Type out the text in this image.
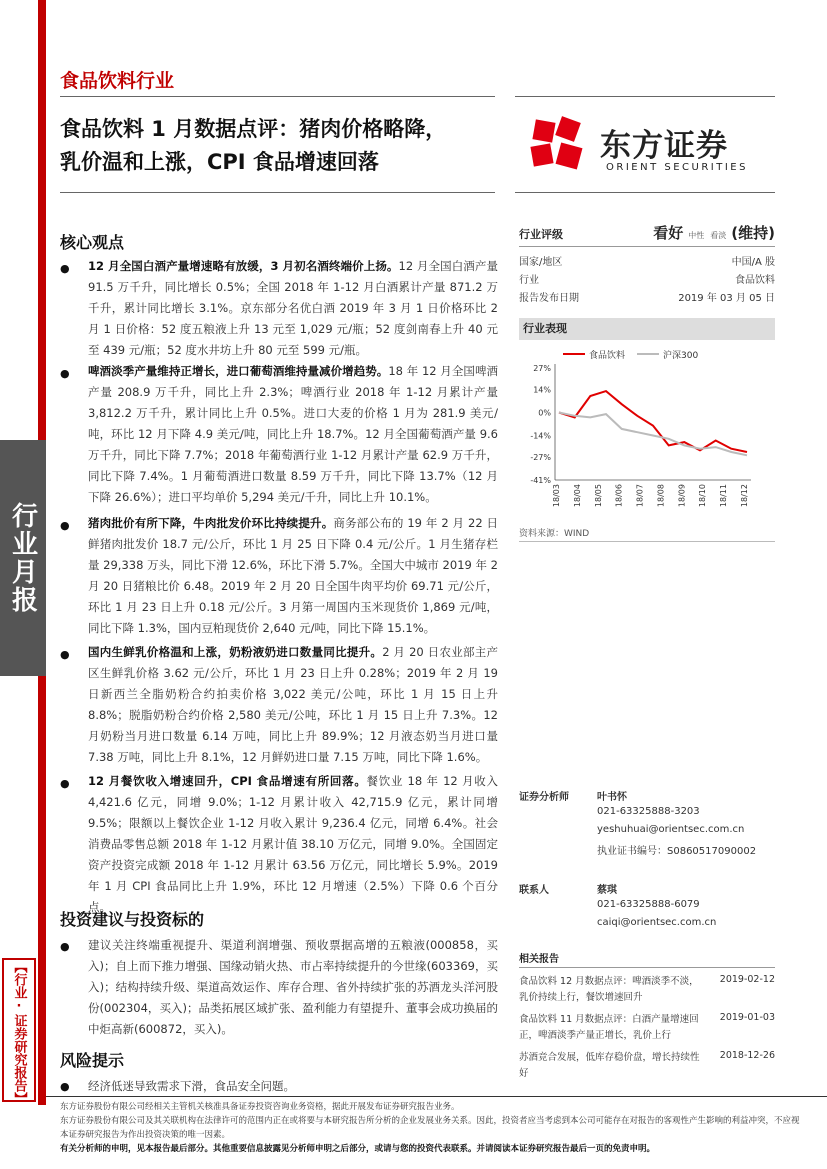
行业月报
【行业·证券研究报告】
食品饮料行业
食品饮料 1 月数据点评：猪肉价格略降，
乳价温和上涨，CPI 食品增速回落	东方证券
ORIENT SECURITIES
核心观点
● 12 月全国白酒产量增速略有放缓，3 月初名酒终端价上扬。12 月全国白酒产量 91.5 万千升，同比增长 0.5%；全国 2018 年 1-12 月白酒累计产量 871.2 万千升，累计同比增长 3.1%。京东部分名优白酒 2019 年 3 月 1 日价格环比 2 月 1 日价格：52 度五粮液上升 13 元至 1,029 元/瓶；52 度剑南春上升 40 元至 439 元/瓶；52 度水井坊上升 80 元至 599 元/瓶。
● 啤酒淡季产量维持正增长，进口葡萄酒维持量减价增趋势。18 年 12 月全国啤酒产量 208.9 万千升，同比上升 2.3%；啤酒行业 2018 年 1-12 月累计产量 3,812.2 万千升，累计同比上升 0.5%。进口大麦的价格 1 月为 281.9 美元/吨，环比 12 月下降 4.9 美元/吨，同比上升 18.7%。12 月全国葡萄酒产量 9.6 万千升，同比下降 7.7%；2018 年葡萄酒行业 1-12 月累计产量 62.9 万千升，同比下降 7.4%。1 月葡萄酒进口数量 8.59 万千升，同比下降 13.7%（12 月下降 26.6%）；进口平均单价 5,294 美元/千升，同比上升 10.1%。
● 猪肉批价有所下降，牛肉批发价环比持续提升。商务部公布的 19 年 2 月 22 日鲜猪肉批发价 18.7 元/公斤，环比 1 月 25 日下降 0.4 元/公斤。1 月生猪存栏量 29,338 万头，同比下滑 12.6%，环比下滑 5.7%。全国大中城市 2019 年 2 月 20 日猪粮比价 6.48。2019 年 2 月 20 日全国牛肉平均价 69.71 元/公斤，环比 1 月 23 日上升 0.18 元/公斤。3 月第一周国内玉米现货价 1,869 元/吨，同比下降 1.3%，国内豆粕现货价 2,640 元/吨，同比下降 15.1%。
● 国内生鲜乳价格温和上涨，奶粉液奶进口数量同比提升。2 月 20 日农业部主产区生鲜乳价格 3.62 元/公斤，环比 1 月 23 日上升 0.28%；2019 年 2 月 19 日新西兰全脂奶粉合约拍卖价格 3,022 美元/公吨，环比 1 月 15 日上升 8.8%；脱脂奶粉合约价格 2,580 美元/公吨，环比 1 月 15 日上升 7.3%。12 月奶粉当月进口数量 6.14 万吨，同比上升 89.9%；12 月液态奶当月进口量 7.38 万吨，同比上升 8.1%，12 月鲜奶进口量 7.15 万吨，同比下降 1.6%。
● 12 月餐饮收入增速回升，CPI 食品增速有所回落。餐饮业 18 年 12 月收入 4,421.6 亿元，同增 9.0%；1-12 月累计收入 42,715.9 亿元，累计同增 9.5%；限额以上餐饮企业 1-12 月收入累计 9,236.4 亿元，同增 6.4%。社会消费品零售总额 2018 年 1-12 月累计值 38.10 万亿元，同增 9.0%。全国固定资产投资完成额 2018 年 1-12 月累计 63.56 万亿元，同比增长 5.9%。2019 年 1 月 CPI 食品同比上升 1.9%，环比 12 月增速（2.5%）下降 0.6 个百分点。
投资建议与投资标的
● 建议关注终端重视提升、渠道利润增强、预收票据高增的五粮液(000858，买入)；自上而下推力增强、国缘动销火热、市占率持续提升的今世缘(603369，买入)；结构持续升级、渠道高效运作、库存合理、省外持续扩张的苏酒龙头洋河股份(002304，买入)；品类拓展区域扩张、盈利能力有望提升、董事会成功换届的中炬高新(600872，买入)。
风险提示
● 经济低迷导致需求下滑，食品安全问题。
行业评级	看好 中性 看淡 (维持)
国家/地区	中国/A 股
行业	食品饮料
报告发布日期	2019 年 03 月 05 日
行业表现
食品饮料	沪深300
27%
14%
0%
-14%
-27%
-41%
18/03 18/04 18/05 18/06 18/07 18/08 18/09 18/10 18/11 18/12
资料来源：WIND
证券分析师	叶书怀
021-63325888-3203
yeshuhuai@orientsec.com.cn
执业证书编号：S0860517090002
联系人	蔡琪
021-63325888-6079
caiqi@orientsec.com.cn
相关报告
食品饮料 12 月数据点评：啤酒淡季不淡，乳价持续上行，餐饮增速回升
2019-02-12
食品饮料 11 月数据点评：白酒产量增速回正，啤酒淡季产量正增长，乳价上行
2019-01-03
苏酒竞合发展，低库存稳价盘，增长持续性好
2018-12-26
东方证券股份有限公司经相关主管机关核准具备证券投资咨询业务资格，据此开展发布证券研究报告业务。
东方证券股份有限公司及其关联机构在法律许可的范围内正在或将要与本研究报告所分析的企业发展业务关系。因此，投资者应当考虑到本公司可能存在对报告的客观性产生影响的利益冲突，不应视本证券研究报告为作出投资决策的唯一因素。
有关分析师的申明，见本报告最后部分。其他重要信息披露见分析师申明之后部分，或请与您的投资代表联系。并请阅读本证券研究报告最后一页的免责申明。
